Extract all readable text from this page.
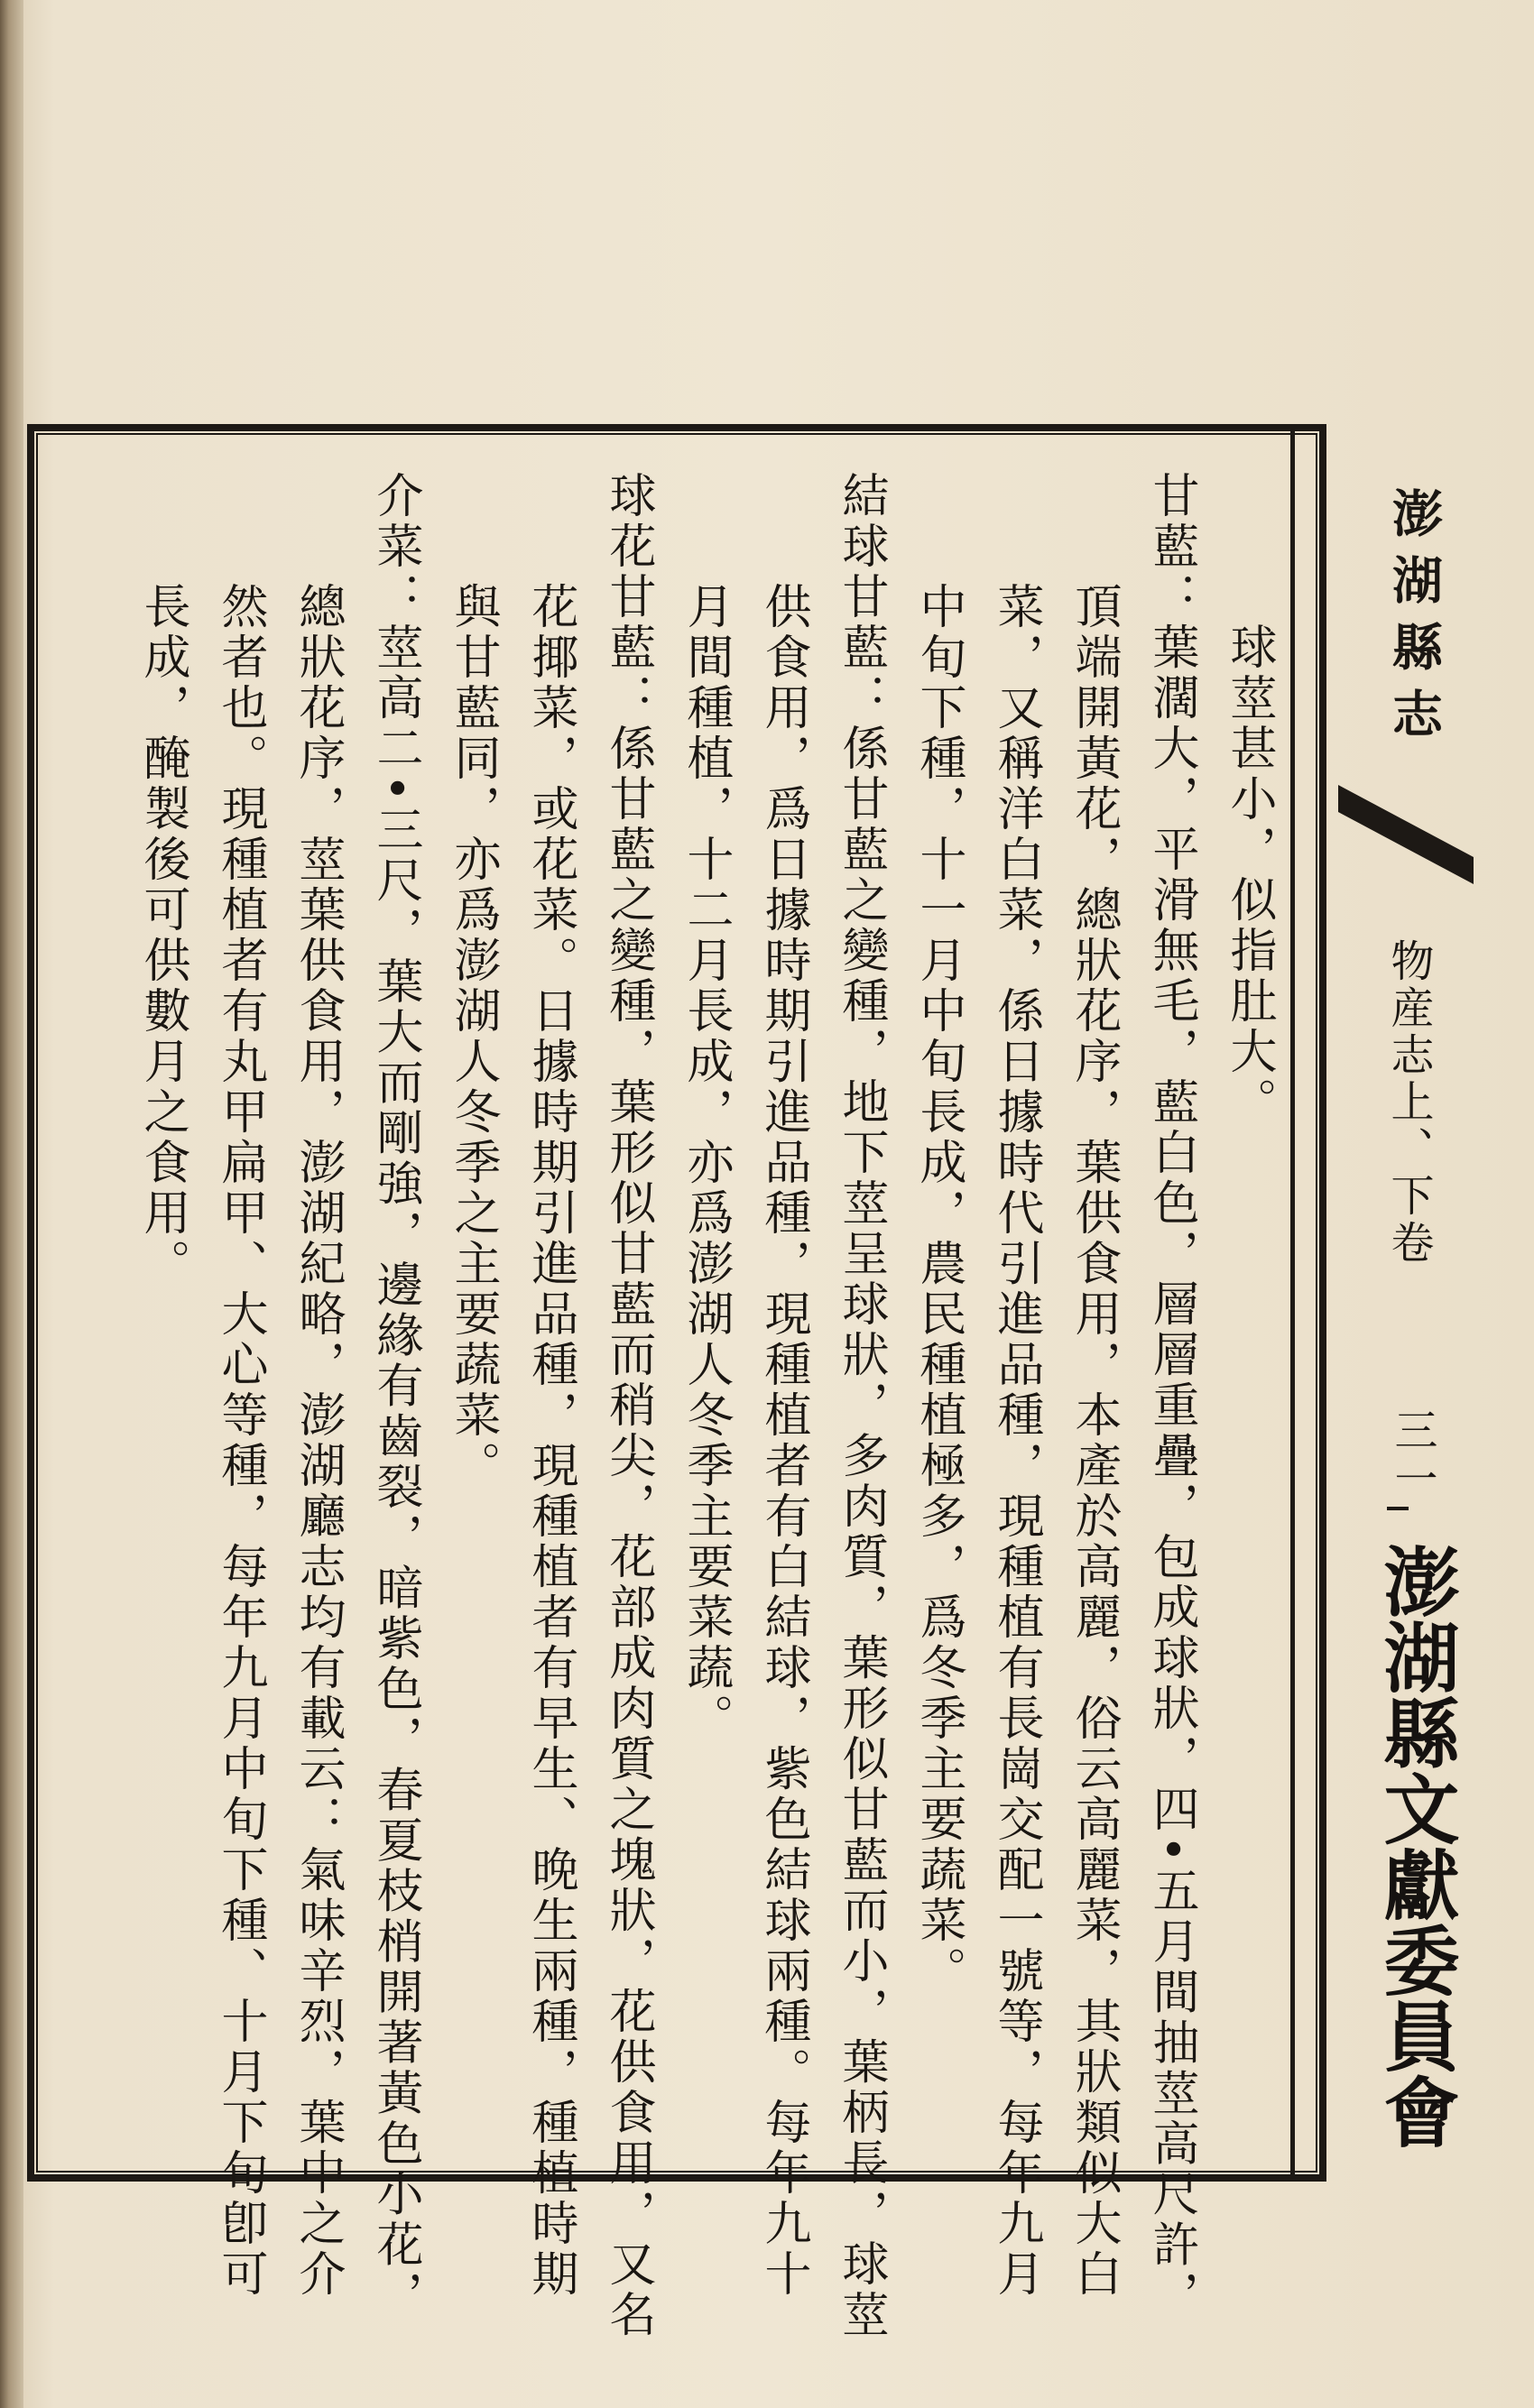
球莖甚小，似指肚大。
甘藍：葉濶大，平滑無毛，藍白色，層層重疊，包成球狀，四•五月間抽莖高尺許，
頂端開黃花，總狀花序，葉供食用，本產於高麗，俗云高麗菜，其狀類似大白
菜，又稱洋白菜，係日據時代引進品種，現種植有長崗交配一號等，每年九月
中旬下種，十一月中旬長成，農民種植極多，爲冬季主要蔬菜。
結球甘藍：係甘藍之變種，地下莖呈球狀，多肉質，葉形似甘藍而小，葉柄長，球莖
供食用，爲日據時期引進品種，現種植者有白結球，紫色結球兩種。每年九十
月間種植，十二月長成，亦爲澎湖人冬季主要菜蔬。
球花甘藍：係甘藍之變種，葉形似甘藍而稍尖，花部成肉質之塊狀，花供食用，又名
花揶菜，或花菜。日據時期引進品種，現種植者有早生、晚生兩種，種植時期
與甘藍同，亦爲澎湖人冬季之主要蔬菜。
介菜：莖高二•三尺，葉大而剛強，邊緣有齒裂，暗紫色，春夏枝梢開著黃色小花，
總狀花序，莖葉供食用，澎湖紀略，澎湖廳志均有載云：氣味辛烈，葉中之介
然者也。現種植者有丸甲扁甲、大心等種，每年九月中旬下種、十月下旬卽可
長成，醃製後可供數月之食用。	澎湖縣志
物産志上、下卷
三一
澎湖縣文獻委員會
